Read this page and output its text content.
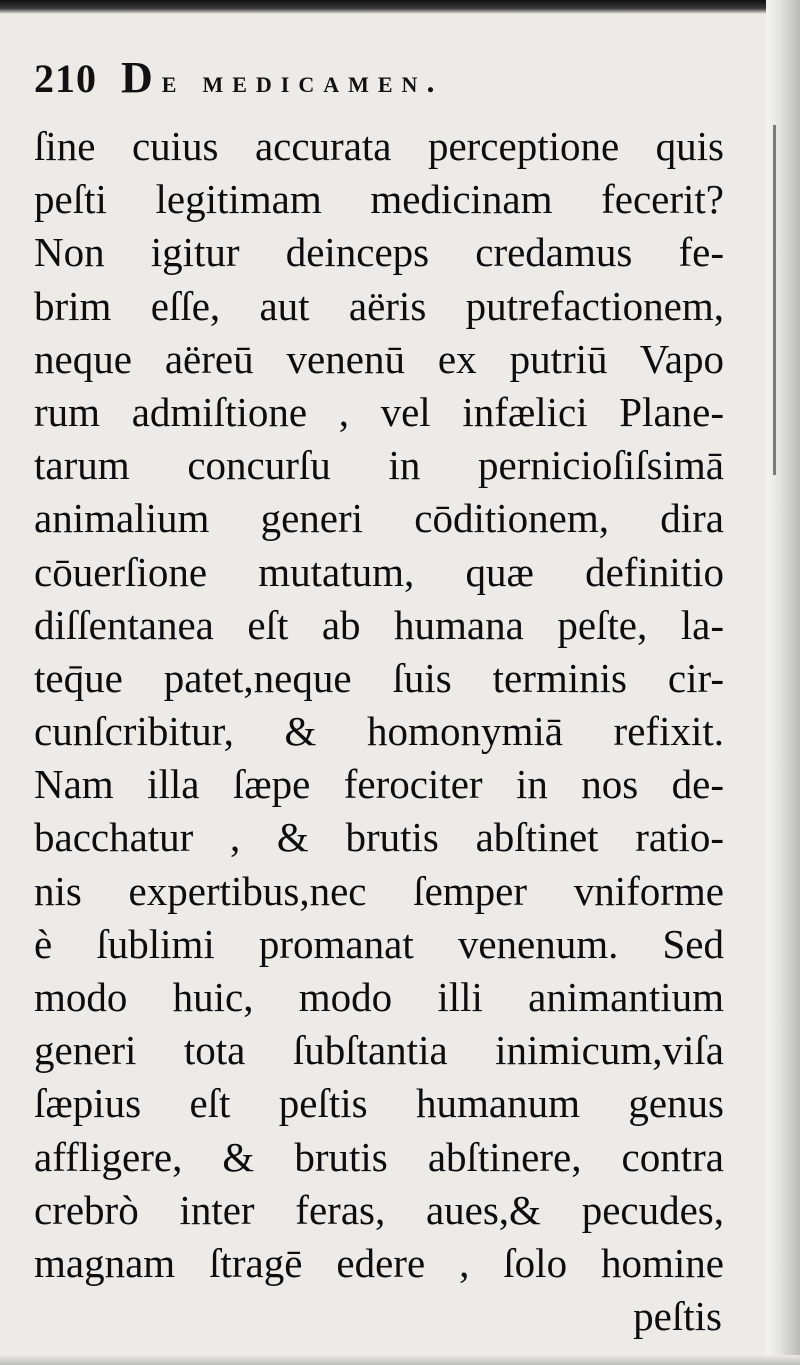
210 De medicamen.
ſine cuius accurata perceptione quis
peſti legitimam medicinam fecerit?
Non igitur deinceps credamus fe-
brim eſſe, aut aëris putrefactionem,
neque aëreū venenū ex putriū Vapo
rum admiſtione , vel infælici Plane-
tarum concurſu in pernicioſiſsimā
animalium generi cōditionem, dira
cōuerſione mutatum, quæ definitio
diſſentanea eſt ab humana peſte, la-
teq̄ue patet,neque ſuis terminis cir-
cunſcribitur, & homonymiā refixit.
Nam illa ſæpe ferociter in nos de-
bacchatur , & brutis abſtinet ratio-
nis expertibus,nec ſemper vniforme
è ſublimi promanat venenum. Sed
modo huic, modo illi animantium
generi tota ſubſtantia inimicum,viſa
ſæpius eſt peſtis humanum genus
affligere, & brutis abſtinere, contra
crebrò inter feras, aues,& pecudes,
magnam ſtragē edere , ſolo homine
peſtis
